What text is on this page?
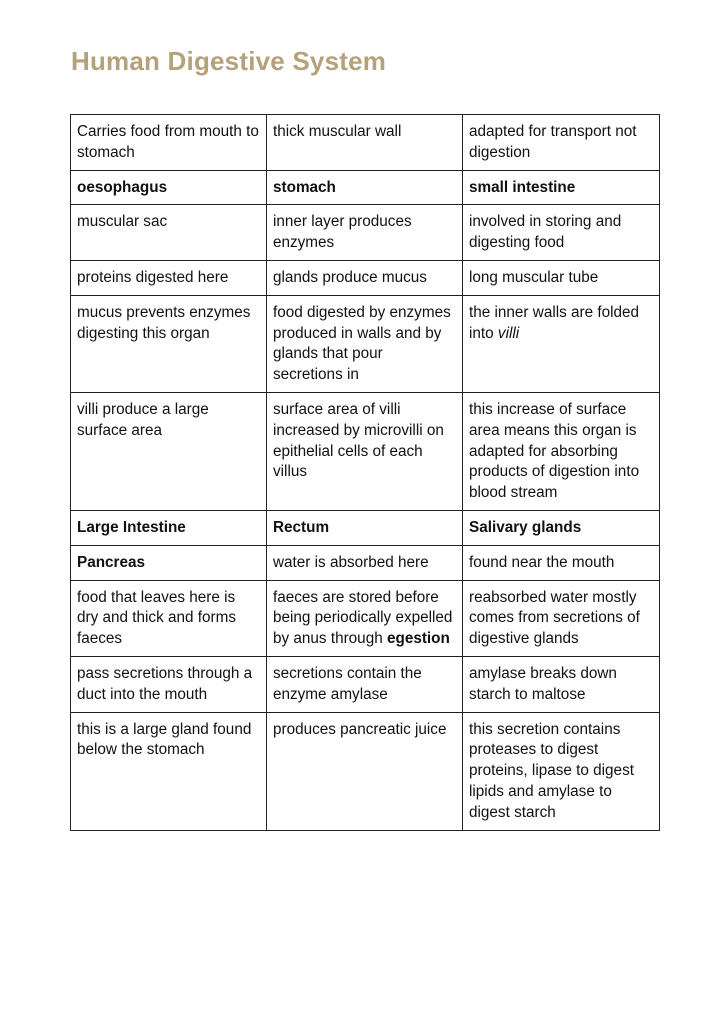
Human Digestive System
Carries food from mouth to stomach	thick muscular wall	adapted for transport not digestion
oesophagus	stomach	small intestine
muscular sac	inner layer produces enzymes	involved in storing and digesting food
proteins digested here	glands produce mucus	long muscular tube
mucus prevents enzymes digesting this organ	food digested by enzymes produced in walls and by glands that pour secretions in	the inner walls are folded into villi
villi produce a large surface area	surface area of villi increased by microvilli on epithelial cells of each villus	this increase of surface area means this organ is adapted for absorbing products of digestion into blood stream
Large Intestine	Rectum	Salivary glands
Pancreas	water is absorbed here	found near the mouth
food that leaves here is dry and thick and forms faeces	faeces are stored before being periodically expelled by anus through egestion	reabsorbed water mostly comes from secretions of digestive glands
pass secretions through a duct into the mouth	secretions contain the enzyme amylase	amylase breaks down starch to maltose
this is a large gland found below the stomach	produces pancreatic juice	this secretion contains proteases to digest proteins, lipase to digest lipids and amylase to digest starch
